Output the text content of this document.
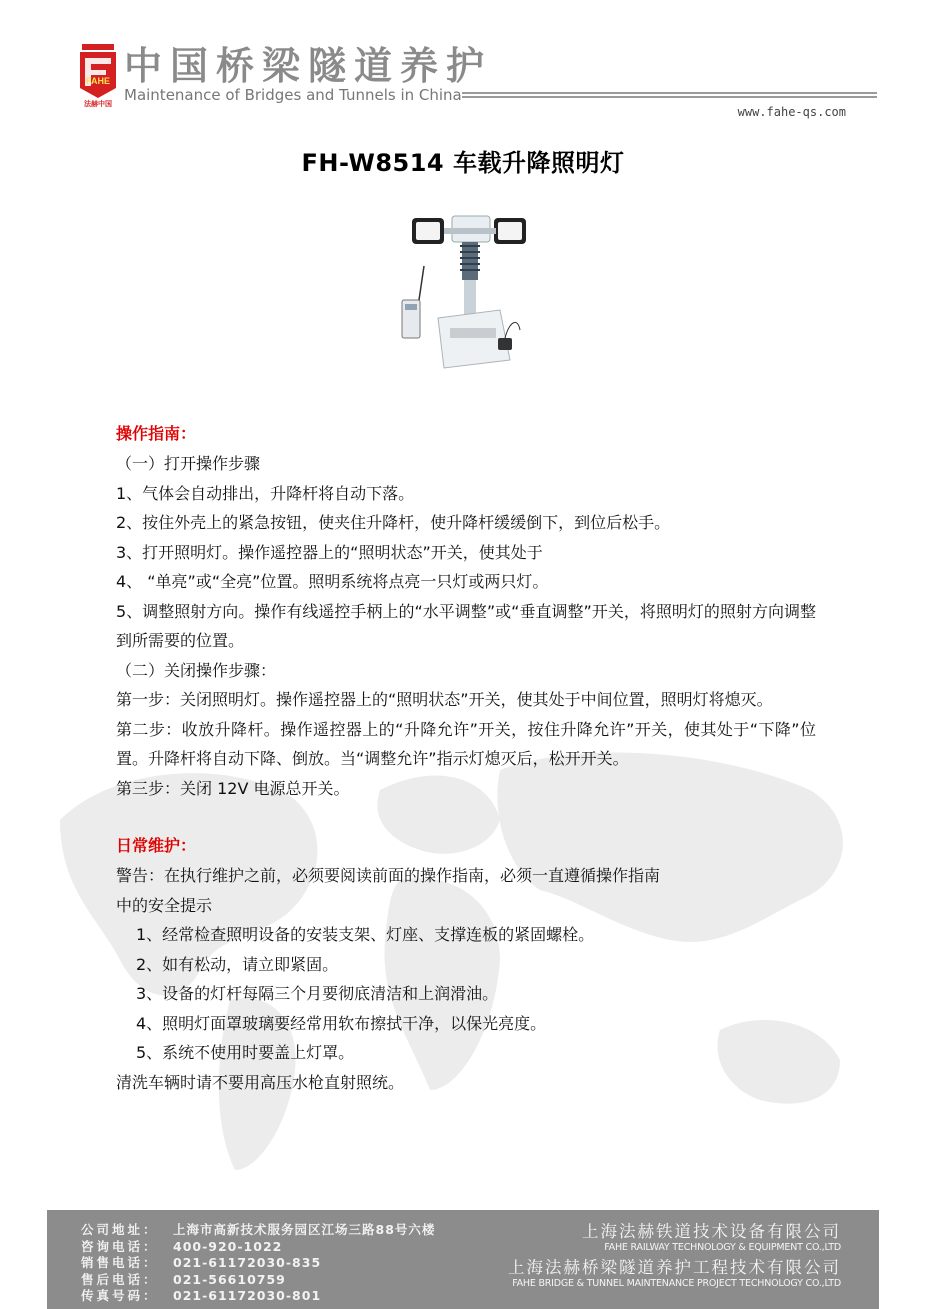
FAHE
法赫中国
中国桥梁隧道养护
Maintenance of Bridges and Tunnels in China
www.fahe-qs.com
FH-W8514 车载升降照明灯
操作指南：
（一）打开操作步骤
1、气体会自动排出，升降杆将自动下落。
2、按住外壳上的紧急按钮，使夹住升降杆，使升降杆缓缓倒下，到位后松手。
3、打开照明灯。操作遥控器上的“照明状态”开关，使其处于
4、 “单亮”或“全亮”位置。照明系统将点亮一只灯或两只灯。
5、调整照射方向。操作有线遥控手柄上的“水平调整”或“垂直调整”开关，将照明灯的照射方向调整到所需要的位置。
（二）关闭操作步骤：
第一步：关闭照明灯。操作遥控器上的“照明状态”开关，使其处于中间位置，照明灯将熄灭。
第二步：收放升降杆。操作遥控器上的“升降允许”开关，按住升降允许”开关，使其处于“下降”位置。升降杆将自动下降、倒放。当“调整允许”指示灯熄灭后，松开开关。
第三步：关闭 12V 电源总开关。
日常维护：
警告：在执行维护之前，必须要阅读前面的操作指南，必须一直遵循操作指南
中的安全提示
1、经常检查照明设备的安装支架、灯座、支撑连板的紧固螺栓。
2、如有松动，请立即紧固。
3、设备的灯杆每隔三个月要彻底清洁和上润滑油。
4、照明灯面罩玻璃要经常用软布擦拭干净，以保光亮度。
5、系统不使用时要盖上灯罩。
清洗车辆时请不要用高压水枪直射照统。
公司地址： 上海市高新技术服务园区江场三路88号六楼
咨询电话： 400-920-1022
销售电话： 021-61172030-835
售后电话： 021-56610759
传真号码： 021-61172030-801
上海法赫铁道技术设备有限公司
FAHE RAILWAY TECHNOLOGY & EQUIPMENT CO.,LTD
上海法赫桥梁隧道养护工程技术有限公司
FAHE BRIDGE & TUNNEL MAINTENANCE PROJECT TECHNOLOGY CO.,LTD
